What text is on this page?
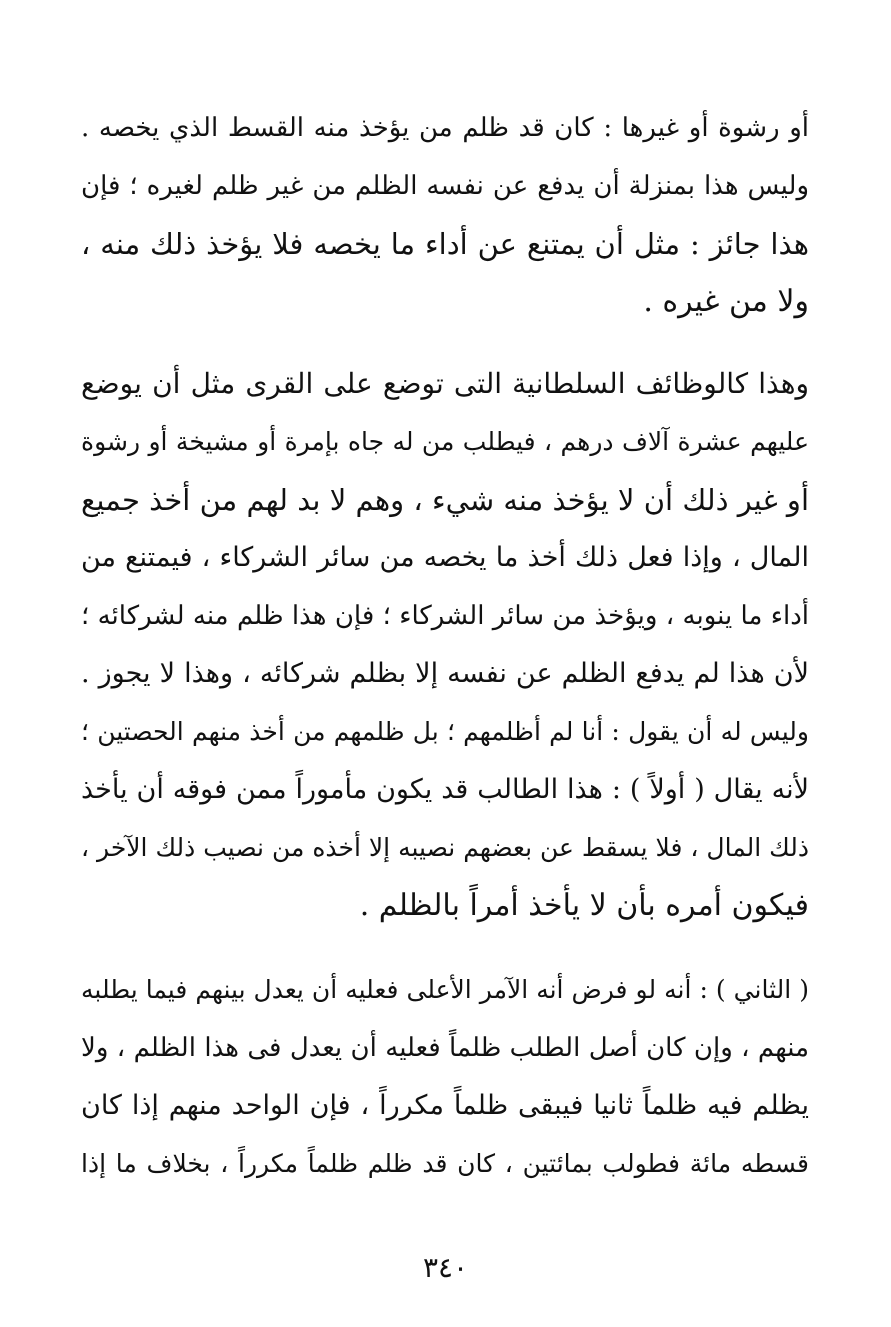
أو رشوة أو غيرها : كان قد ظلم من يؤخذ منه القسط الذي يخصه .
وليس هذا بمنزلة أن يدفع عن نفسه الظلم من غير ظلم لغيره ؛ فإن
هذا جائز : مثل أن يمتنع عن أداء ما يخصه فلا يؤخذ ذلك منه ،
ولا من غيره .
وهذا كالوظائف السلطانية التى توضع على القرى مثل أن يوضع
عليهم عشرة آلاف درهم ، فيطلب من له جاه بإمرة أو مشيخة أو رشوة
أو غير ذلك أن لا يؤخذ منه شيء ، وهم لا بد لهم من أخذ جميع
المال ، وإذا فعل ذلك أخذ ما يخصه من سائر الشركاء ، فيمتنع من
أداء ما ينوبه ، ويؤخذ من سائر الشركاء ؛ فإن هذا ظلم منه لشركائه ؛
لأن هذا لم يدفع الظلم عن نفسه إلا بظلم شركائه ، وهذا لا يجوز .
وليس له أن يقول : أنا لم أظلمهم ؛ بل ظلمهم من أخذ منهم الحصتين ؛
لأنه يقال ( أولاً ) : هذا الطالب قد يكون مأموراً ممن فوقه أن يأخذ
ذلك المال ، فلا يسقط عن بعضهم نصيبه إلا أخذه من نصيب ذلك الآخر ،
فيكون أمره بأن لا يأخذ أمراً بالظلم .
( الثاني ) : أنه لو فرض أنه الآمر الأعلى فعليه أن يعدل بينهم فيما يطلبه
منهم ، وإن كان أصل الطلب ظلماً فعليه أن يعدل فى هذا الظلم ، ولا
يظلم فيه ظلماً ثانيا فيبقى ظلماً مكرراً ، فإن الواحد منهم إذا كان
قسطه مائة فطولب بمائتين ، كان قد ظلم ظلماً مكرراً ، بخلاف ما إذا
٣٤٠
